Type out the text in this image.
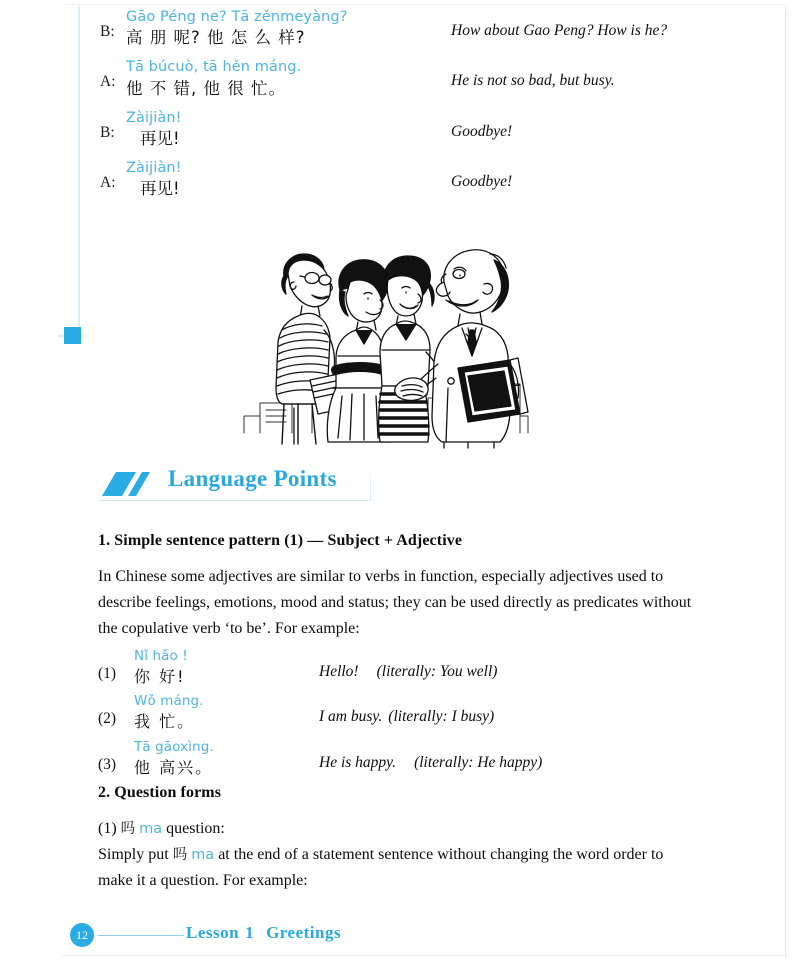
B:
Gāo Péng ne? Tā zěnmeyàng?
高 朋 呢? 他 怎 么 样?	How about Gao Peng? How is he?
A:
Tā búcuò, tā hěn máng.
他 不 错, 他 很 忙。	He is not so bad, but busy.
B:
Zàijiàn!
再见!	Goodbye!
A:
Zàijiàn!
再见!	Goodbye!
Language Points
1. Simple sentence pattern (1) — Subject + Adjective

In Chinese some adjectives are similar to verbs in function, especially adjectives used to describe feelings, emotions, mood and status; they can be used directly as predicates without the copulative verb ‘to be’. For example:

(1)
Nǐ hǎo !
你 好!	Hello! (literally: You well)
(2)
Wǒ máng.
我 忙。	I am busy. (literally: I busy)
(3)
Tā gāoxìng.
他 高兴。	He is happy. (literally: He happy)
2. Question forms

(1) 吗 ma question:

Simply put 吗 ma at the end of a statement sentence without changing the word order to make it a question. For example:

12	Lesson 1 Greetings
